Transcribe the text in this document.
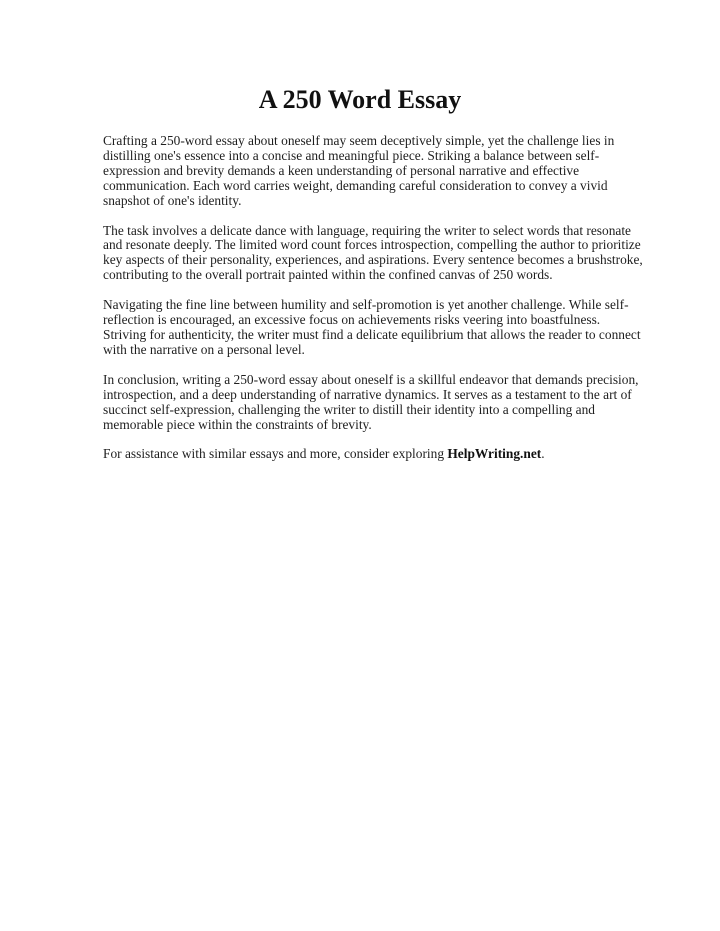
A 250 Word Essay

Crafting a 250-word essay about oneself may seem deceptively simple, yet the challenge lies in
distilling one's essence into a concise and meaningful piece. Striking a balance between self-
expression and brevity demands a keen understanding of personal narrative and effective
communication. Each word carries weight, demanding careful consideration to convey a vivid
snapshot of one's identity.

The task involves a delicate dance with language, requiring the writer to select words that resonate
and resonate deeply. The limited word count forces introspection, compelling the author to prioritize
key aspects of their personality, experiences, and aspirations. Every sentence becomes a brushstroke,
contributing to the overall portrait painted within the confined canvas of 250 words.

Navigating the fine line between humility and self-promotion is yet another challenge. While self-
reflection is encouraged, an excessive focus on achievements risks veering into boastfulness.
Striving for authenticity, the writer must find a delicate equilibrium that allows the reader to connect
with the narrative on a personal level.

In conclusion, writing a 250-word essay about oneself is a skillful endeavor that demands precision,
introspection, and a deep understanding of narrative dynamics. It serves as a testament to the art of
succinct self-expression, challenging the writer to distill their identity into a compelling and
memorable piece within the constraints of brevity.

For assistance with similar essays and more, consider exploring HelpWriting.net.
